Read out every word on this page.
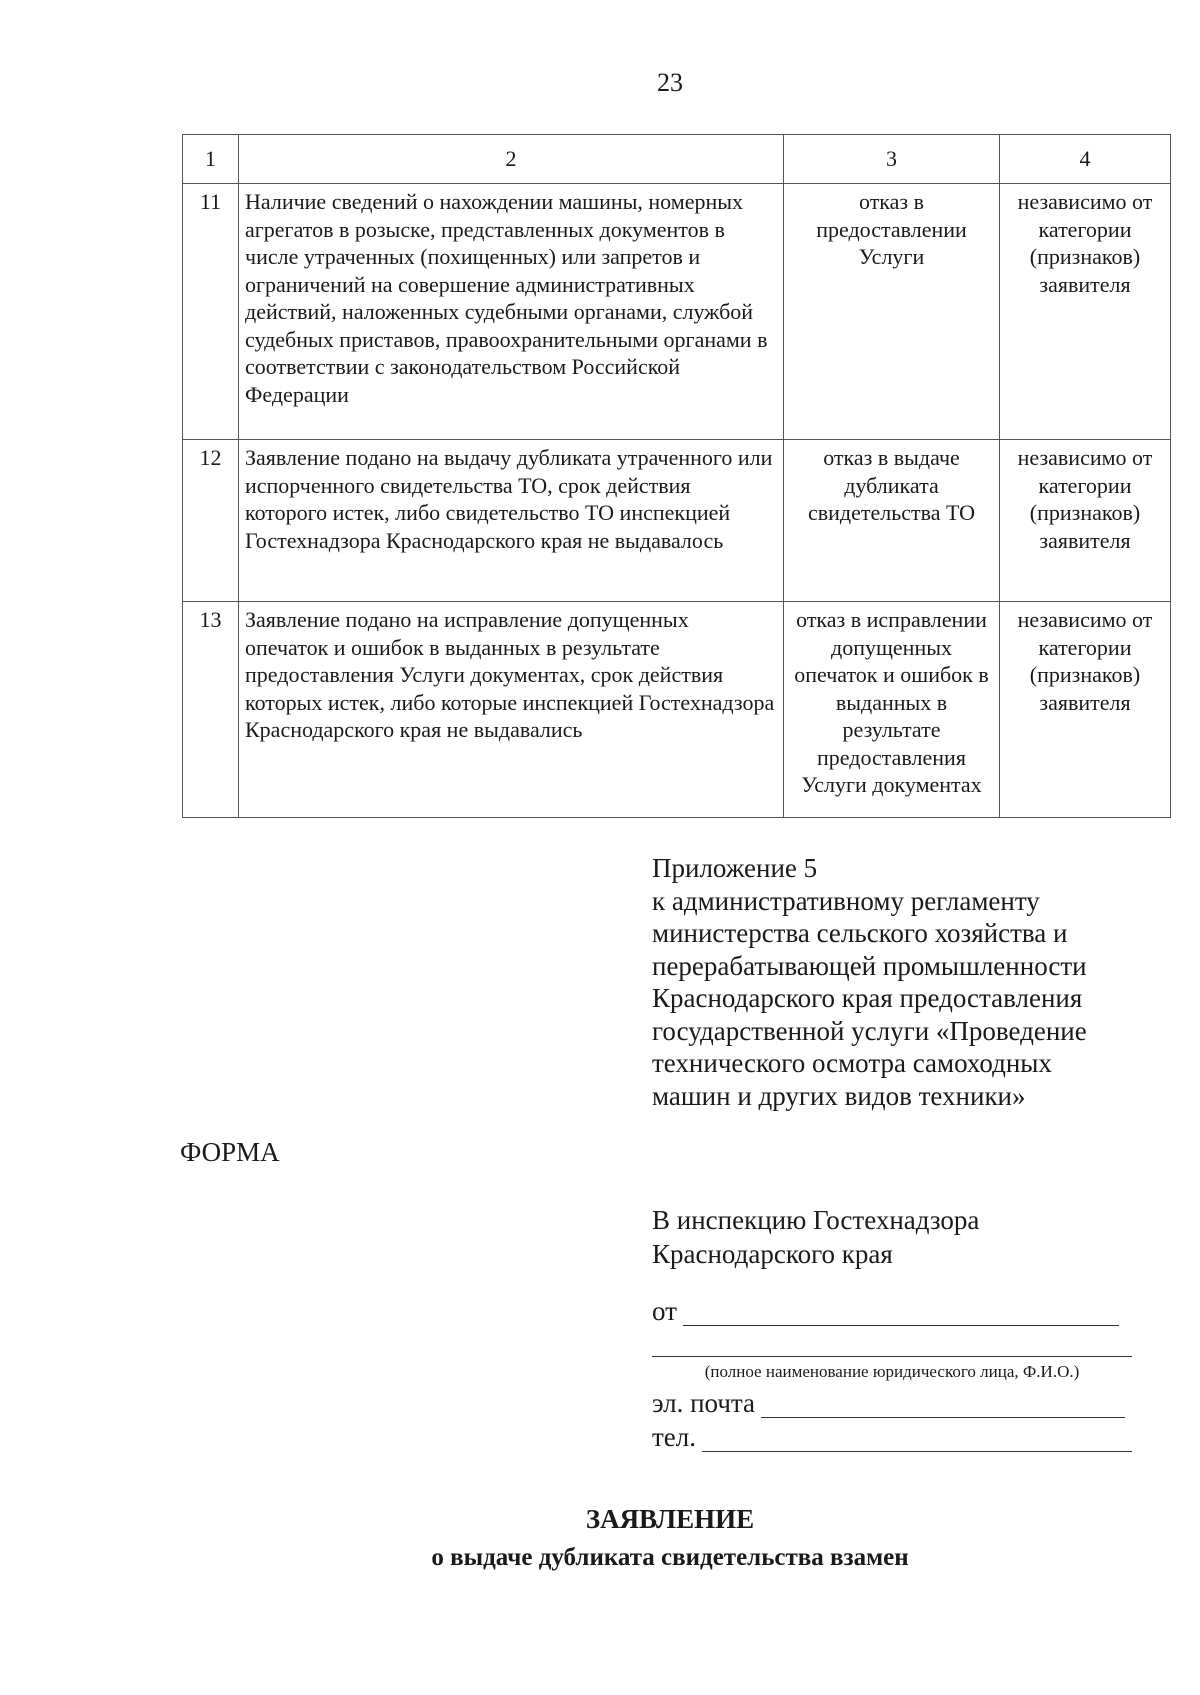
23
1	2	3	4
11	Наличие сведений о нахождении машины, номерных агрегатов в розыске, представленных документов в числе утраченных (похищенных) или запретов и ограничений на совершение административных действий, наложенных судебными органами, службой судебных приставов, правоохранительными органами в соответствии с законодательством Российской Федерации	отказ в предоставлении Услуги	независимо от категории (признаков) заявителя
12	Заявление подано на выдачу дубликата утраченного или испорченного свидетельства ТО, срок действия которого истек, либо свидетельство ТО инспекцией Гостехнадзора Краснодарского края не выдавалось	отказ в выдаче дубликата свидетельства ТО	независимо от категории (признаков) заявителя
13	Заявление подано на исправление допущенных опечаток и ошибок в выданных в результате предоставления Услуги документах, срок действия которых истек, либо которые инспекцией Гостехнадзора Краснодарского края не выдавались	отказ в исправлении допущенных опечаток и ошибок в выданных в результате предоставления Услуги документах	независимо от категории (признаков) заявителя
Приложение 5
к административному регламенту
министерства сельского хозяйства и
перерабатывающей промышленности
Краснодарского края предоставления
государственной услуги «Проведение
технического осмотра самоходных
машин и других видов техники»
ФОРМА
В инспекцию Гостехнадзора
Краснодарского края
от
(полное наименование юридического лица, Ф.И.О.)
эл. почта
тел.
ЗАЯВЛЕНИЕ
о выдаче дубликата свидетельства взамен
